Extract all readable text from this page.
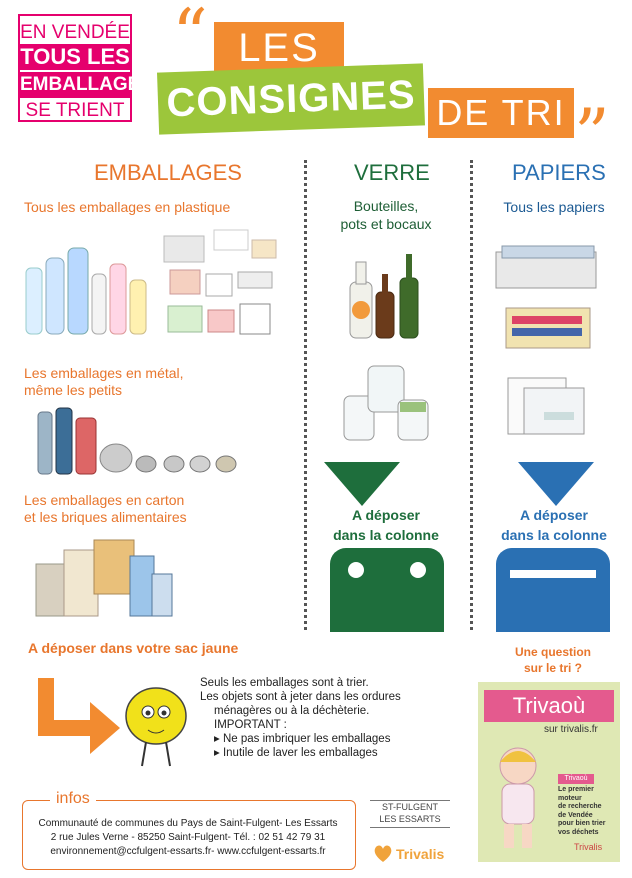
EN VENDÉE
TOUS LES
EMBALLAGES
SE TRIENT
“ LES
CONSIGNES DE TRI ”
EMBALLAGES	VERRE	PAPIERS
Tous les emballages en plastique
Les emballages en métal,
même les petits
Les emballages en carton
et les briques alimentaires
Bouteilles,
pots et bocaux
A déposer
dans la colonne
Tous les papiers
A déposer
dans la colonne
A déposer dans votre sac jaune
Seuls les emballages sont à trier.
Les objets sont à jeter dans les ordures
ménagères ou à la déchèterie.
IMPORTANT :
▸ Ne pas imbriquer les emballages
▸ Inutile de laver les emballages
Une question
sur le tri ?
Trivaoù
sur trivalis.fr
Trivaoù
Le premier
moteur
de recherche
de Vendée
pour bien trier
vos déchets
Trivalis
infos
Communauté de communes du Pays de Saint-Fulgent- Les Essarts
2 rue Jules Verne - 85250 Saint-Fulgent- Tél. : 02 51 42 79 31
environnement@ccfulgent-essarts.fr- www.ccfulgent-essarts.fr
ST-FULGENT
LES ESSARTS
Trivalis
